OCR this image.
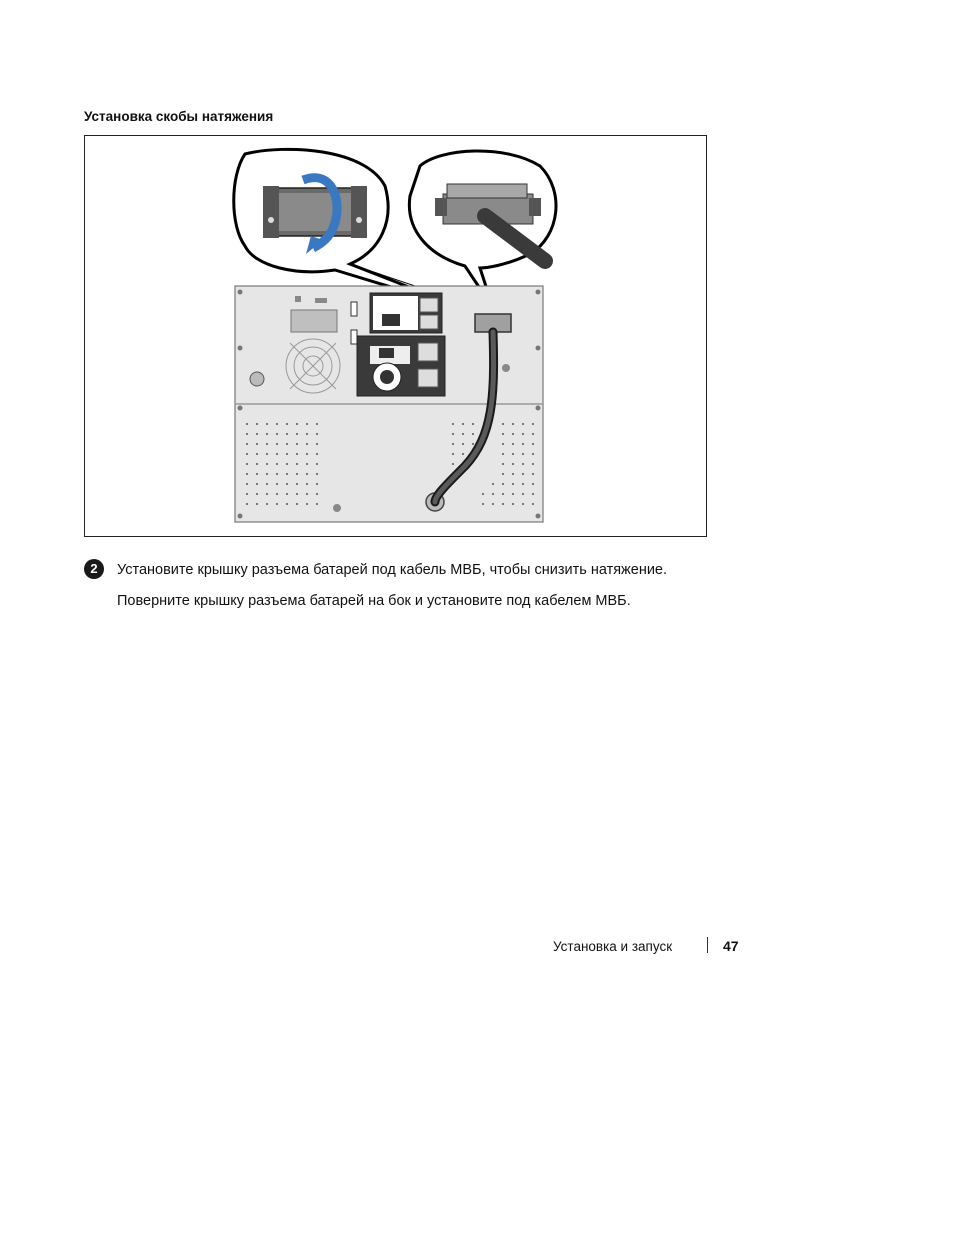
Установка скобы натяжения
2	Установите крышку разъема батарей под кабель МВБ, чтобы снизить натяжение.

Поверните крышку разъема батарей на бок и установите под кабелем МВБ.

Установка и запуск	47
